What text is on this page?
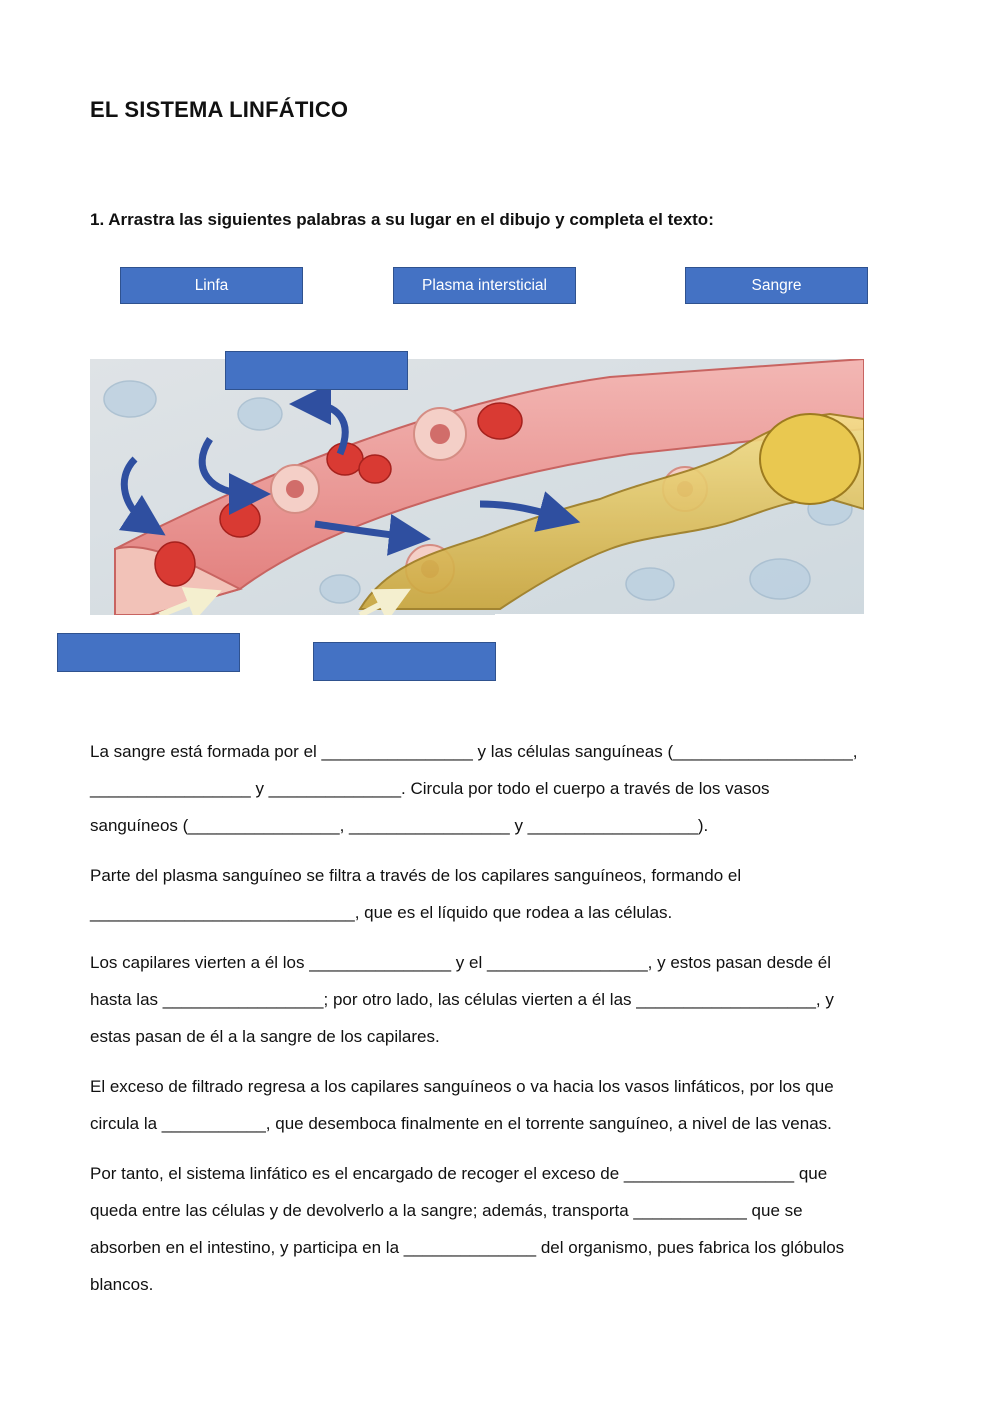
EL SISTEMA LINFÁTICO
1. Arrastra las siguientes palabras a su lugar en el dibujo y completa el texto:
Linfa	Plasma intersticial	Sangre

La sangre está formada por el ________________ y las células sanguíneas (___________________,
_________________ y ______________. Circula por todo el cuerpo a través de los vasos
sanguíneos (________________, _________________ y __________________).

Parte del plasma sanguíneo se filtra a través de los capilares sanguíneos, formando el
____________________________, que es el líquido que rodea a las células.

Los capilares vierten a él los _______________ y el _________________, y estos pasan desde él
hasta las _________________; por otro lado, las células vierten a él las ___________________, y
estas pasan de él a la sangre de los capilares.

El exceso de filtrado regresa a los capilares sanguíneos o va hacia los vasos linfáticos, por los que
circula la ___________, que desemboca finalmente en el torrente sanguíneo, a nivel de las venas.

Por tanto, el sistema linfático es el encargado de recoger el exceso de __________________ que
queda entre las células y de devolverlo a la sangre; además, transporta ____________ que se
absorben en el intestino, y participa en la ______________ del organismo, pues fabrica los glóbulos
blancos.
